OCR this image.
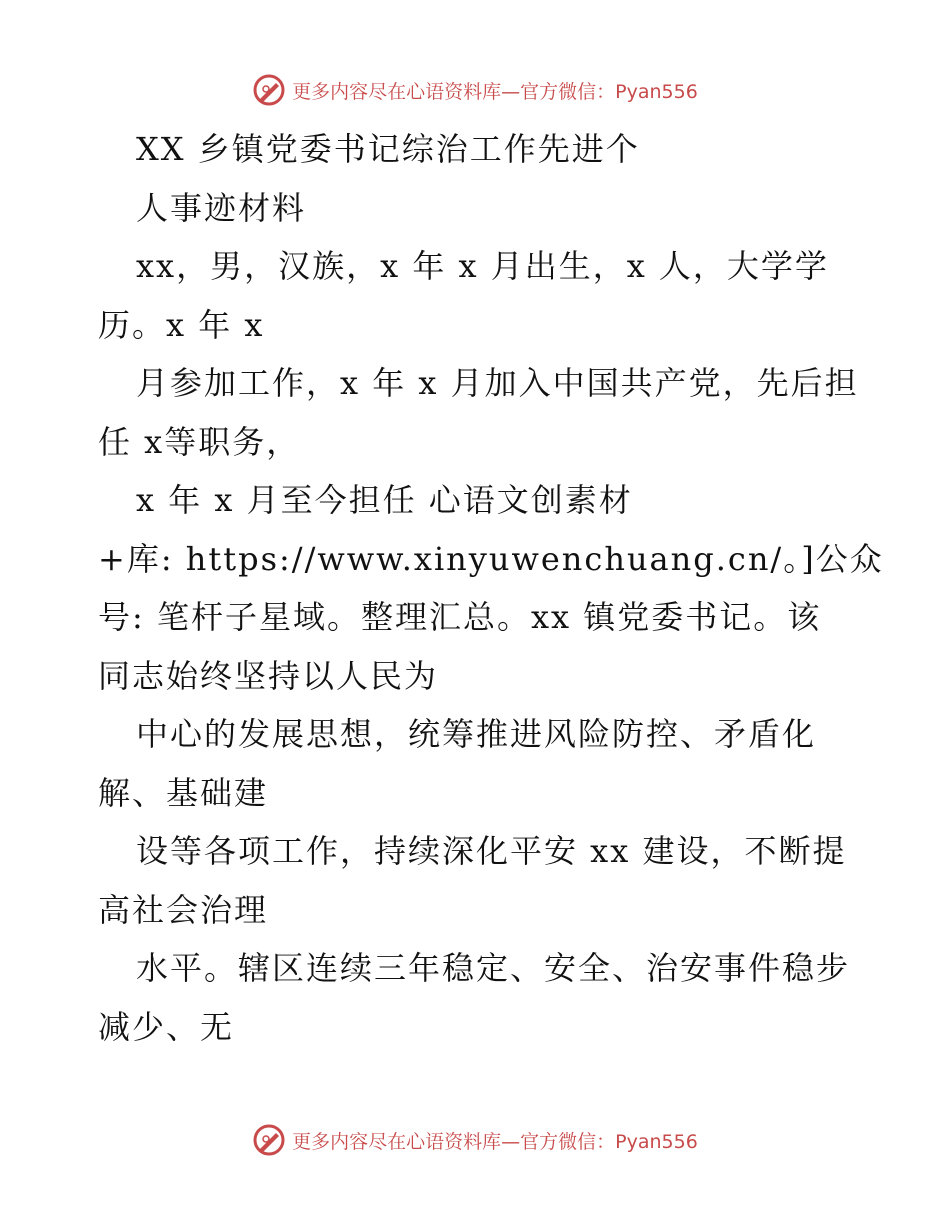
更多内容尽在心语资料库—官方微信：Pyan556
XX 乡镇党委书记综治工作先进个
人事迹材料
xx，男，汉族，x 年 x 月出生，x 人，大学学
历。x 年 x
月参加工作，x 年 x 月加入中国共产党，先后担
任 x等职务，
x 年 x 月至今担任 心语文创素材
+库: https://www.xinyuwenchuang.cn/。]公众
号: 笔杆子星域。整理汇总。xx 镇党委书记。该
同志始终坚持以人民为
中心的发展思想，统筹推进风险防控、矛盾化
解、基础建
设等各项工作，持续深化平安 xx 建设，不断提
高社会治理
水平。辖区连续三年稳定、安全、治安事件稳步
减少、无
更多内容尽在心语资料库—官方微信：Pyan556
